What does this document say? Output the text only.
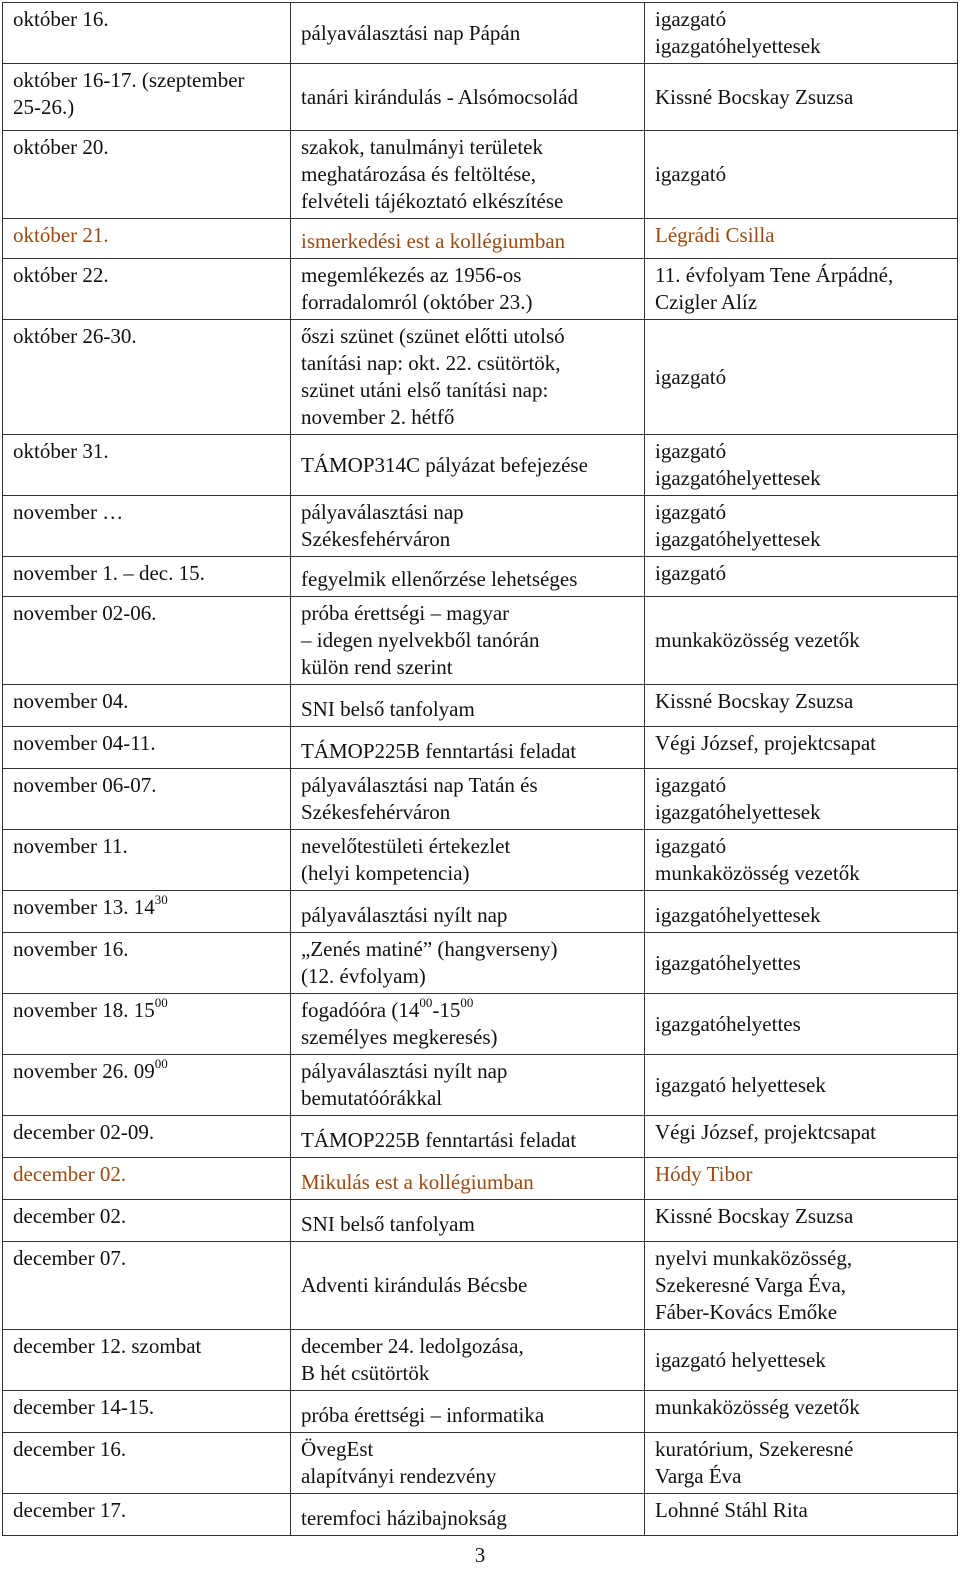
október 16.	pályaválasztási nap Pápán	igazgató
igazgatóhelyettesek

október 16-17. (szeptember
25-26.)	tanári kirándulás - Alsómocsolád	Kissné Bocskay Zsuzsa

október 20.	szakok, tanulmányi területek
meghatározása és feltöltése,
felvételi tájékoztató elkészítése	igazgató

október 21.	ismerkedési est a kollégiumban	Légrádi Csilla

október 22.	megemlékezés az 1956-os
forradalomról (október 23.)	11. évfolyam Tene Árpádné,
Czigler Alíz

október 26-30.	őszi szünet (szünet előtti utolsó
tanítási nap: okt. 22. csütörtök,
szünet utáni első tanítási nap:
november 2. hétfő	igazgató

október 31.	TÁMOP314C pályázat befejezése	igazgató
igazgatóhelyettesek

november …	pályaválasztási nap
Székesfehérváron	igazgató
igazgatóhelyettesek

november 1. – dec. 15.	fegyelmik ellenőrzése lehetséges	igazgató

november 02-06.	próba érettségi – magyar
– idegen nyelvekből tanórán
külön rend szerint	munkaközösség vezetők

november 04.	SNI belső tanfolyam	Kissné Bocskay Zsuzsa

november 04-11.	TÁMOP225B fenntartási feladat	Végi József, projektcsapat

november 06-07.	pályaválasztási nap Tatán és
Székesfehérváron	igazgató
igazgatóhelyettesek

november 11.	nevelőtestületi értekezlet
(helyi kompetencia)	igazgató
munkaközösség vezetők

november 13. $14^{30}$	pályaválasztási nyílt nap	igazgatóhelyettesek

november 16.	„Zenés matiné” (hangverseny)
(12. évfolyam)	igazgatóhelyettes

november 18. $15^{00}$	fogadóóra ($14^{00}-15^{00}$
személyes megkeresés)	igazgatóhelyettes

november 26. $09^{00}$	pályaválasztási nyílt nap
bemutatóórákkal	igazgató helyettesek

december 02-09.	TÁMOP225B fenntartási feladat	Végi József, projektcsapat

december 02.	Mikulás est a kollégiumban	Hódy Tibor

december 02.	SNI belső tanfolyam	Kissné Bocskay Zsuzsa

december 07.	Adventi kirándulás Bécsbe	nyelvi munkaközösség,
Szekeresné Varga Éva,
Fáber-Kovács Emőke

december 12. szombat	december 24. ledolgozása,
B hét csütörtök	igazgató helyettesek

december 14-15.	próba érettségi – informatika	munkaközösség vezetők

december 16.	ÖvegEst
alapítványi rendezvény	kuratórium, Szekeresné
Varga Éva

december 17.	teremfoci házibajnokság	Lohnné Stáhl Rita
3
